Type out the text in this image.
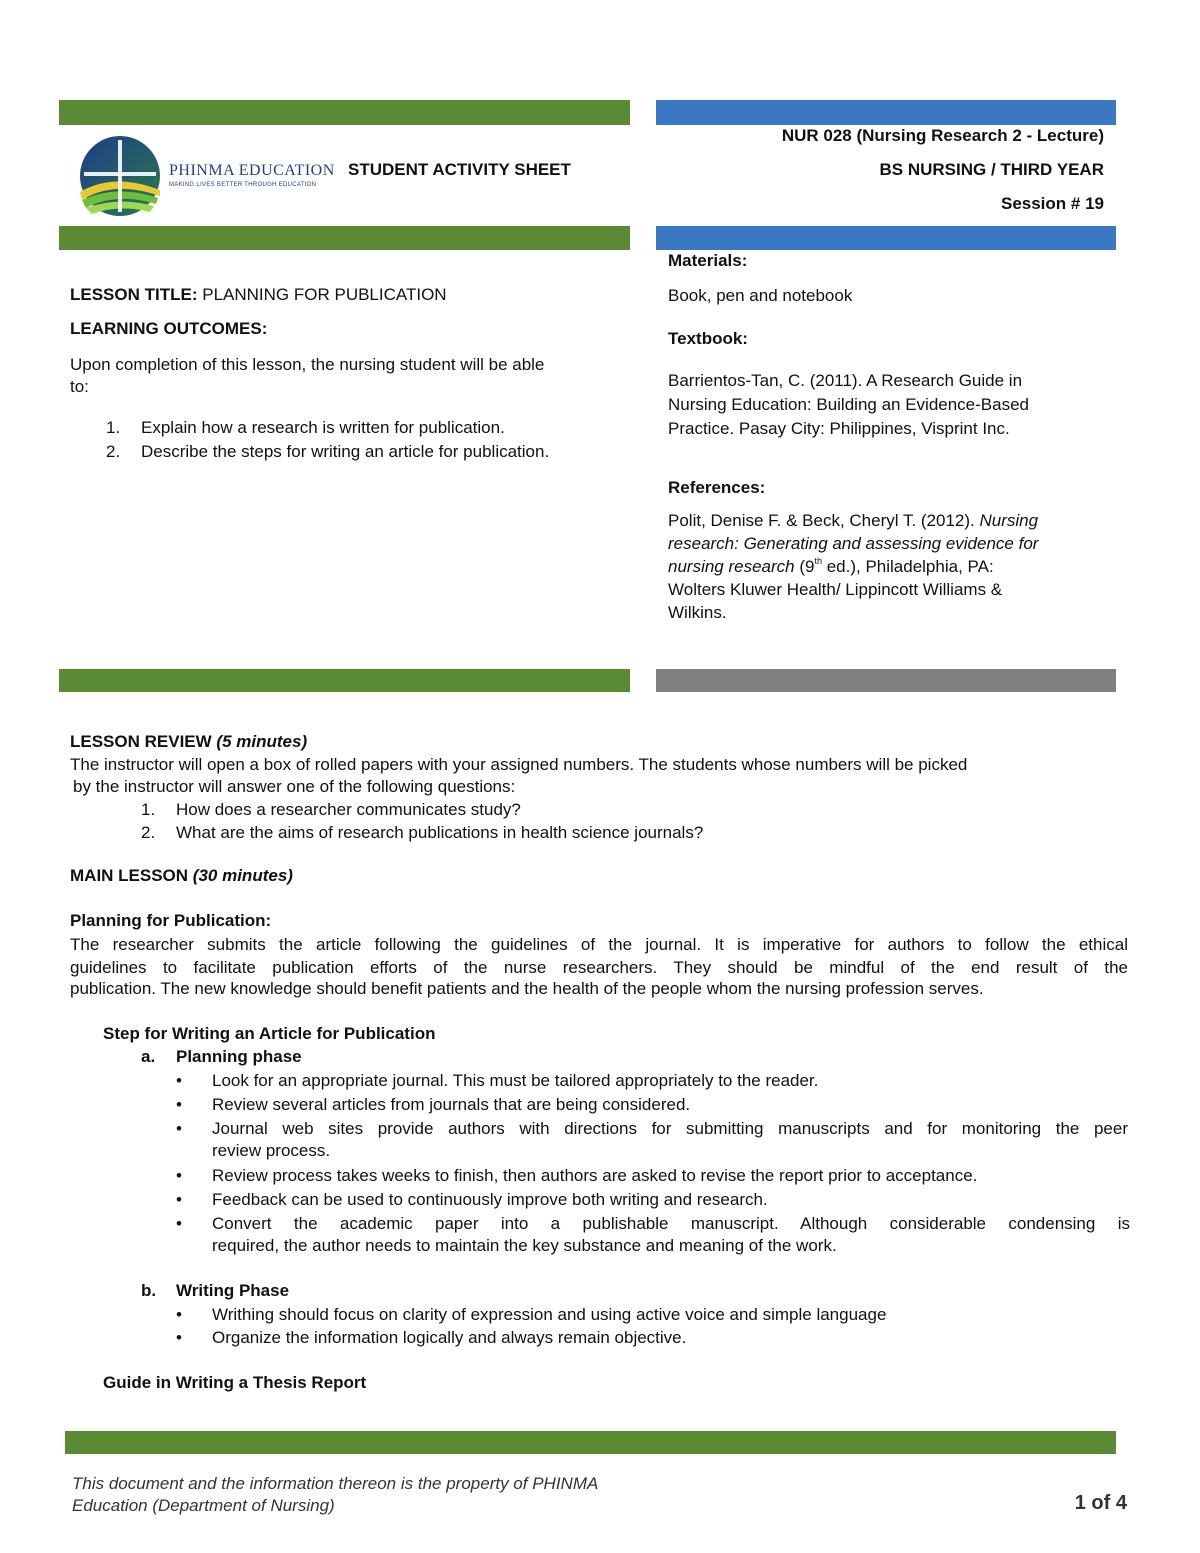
PHINMA EDUCATION
MAKING LIVES BETTER THROUGH EDUCATION
STUDENT ACTIVITY SHEET
NUR 028 (Nursing Research 2 - Lecture)
BS NURSING / THIRD YEAR
Session # 19
LESSON TITLE: PLANNING FOR PUBLICATION
LEARNING OUTCOMES:
Upon completion of this lesson, the nursing student will be able
to:
1. Explain how a research is written for publication.
2. Describe the steps for writing an article for publication.
Materials:
Book, pen and notebook
Textbook:
Barrientos-Tan, C. (2011). A Research Guide in
Nursing Education: Building an Evidence-Based
Practice. Pasay City: Philippines, Visprint Inc.
References:
Polit, Denise F. & Beck, Cheryl T. (2012). Nursing
research: Generating and assessing evidence for
nursing research (9th ed.), Philadelphia, PA:
Wolters Kluwer Health/ Lippincott Williams &
Wilkins.
LESSON REVIEW (5 minutes)
The instructor will open a box of rolled papers with your assigned numbers. The students whose numbers will be picked
by the instructor will answer one of the following questions:
1. How does a researcher communicates study?
2. What are the aims of research publications in health science journals?
MAIN LESSON (30 minutes)
Planning for Publication:
The researcher submits the article following the guidelines of the journal. It is imperative for authors to follow the ethical
guidelines to facilitate publication efforts of the nurse researchers. They should be mindful of the end result of the
publication. The new knowledge should benefit patients and the health of the people whom the nursing profession serves.
Step for Writing an Article for Publication
a. Planning phase
• Look for an appropriate journal. This must be tailored appropriately to the reader.
• Review several articles from journals that are being considered.
•	Journal web sites provide authors with directions for submitting manuscripts and for monitoring the peer
review process.
• Review process takes weeks to finish, then authors are asked to revise the report prior to acceptance.
• Feedback can be used to continuously improve both writing and research.
•	Convert the academic paper into a publishable manuscript. Although considerable condensing is
required, the author needs to maintain the key substance and meaning of the work.
b. Writing Phase
• Writhing should focus on clarity of expression and using active voice and simple language
• Organize the information logically and always remain objective.
Guide in Writing a Thesis Report
This document and the information thereon is the property of PHINMA
Education (Department of Nursing)	1 of 4
